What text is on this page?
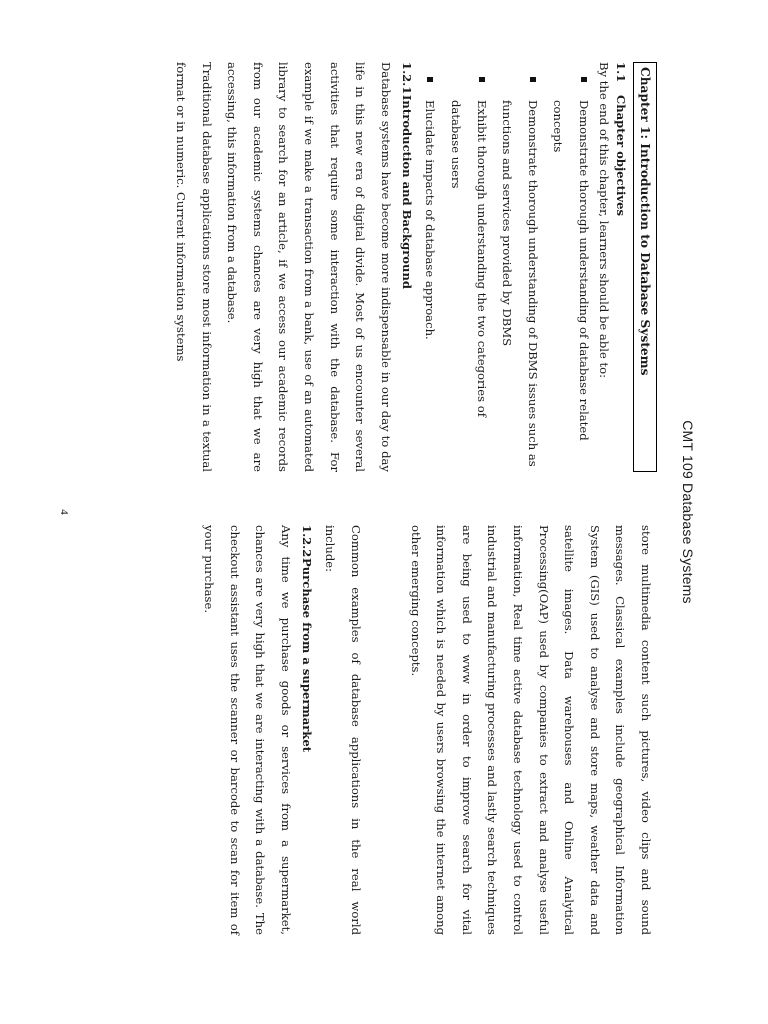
CMT 109 Database Systems
Chapter 1: Introduction to Database Systems
1.1Chapter objectives
By the end of this chapter, learners should be able to:
Demonstrate thorough understanding of database related concepts
Demonstrate thorough understanding of DBMS issues such as functions and services provided by DBMS
Exhibit thorough understanding the two categories of database users
Elucidate impacts of database approach.
1.2.1Introduction and Background

Database systems have become more indispensable in our day to day life in this new era of digital divide. Most of us encounter several activities that require some interaction with the database. For example if we make a transaction from a bank, use of an automated library to search for an article, if we access our academic records from our academic systems chances are very high that we are accessing, this information from a database.

Traditional database applications store most information in a textual format or in numeric. Current information systems

store multimedia content such pictures, video clips and sound messages. Classical examples include geographical Information System (GIS) used to analyse and store maps, weather data and satellite images. Data warehouses and Online Analytical Processing(OAP) used by companies to extract and analyse useful information, Real time active database technology used to control industrial and manufacturing processes and lastly search techniques are being used to www in order to improve search for vital information which is needed by users browsing the internet among other emerging concepts.

Common examples of database applications in the real world include:

1.2.2Purchase from a supermarket

Any time we purchase goods or services from a supermarket, chances are very high that we are interacting with a database. The checkout assistant uses the scanner or barcode to scan for item of your purchase.

4
